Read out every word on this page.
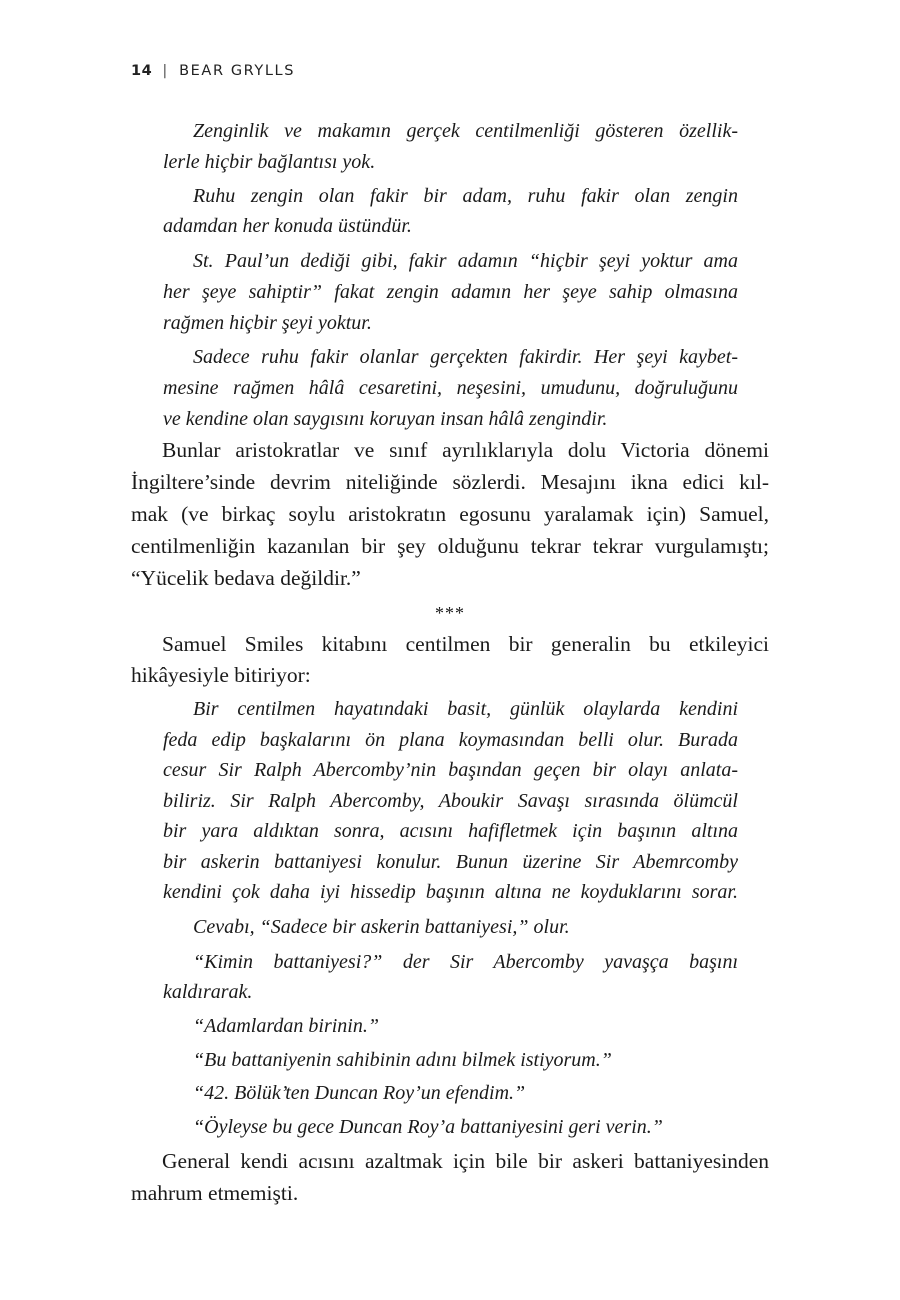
14 | BEAR GRYLLS
Zenginlik ve makamın gerçek centilmenliği gösteren özellik-
lerle hiçbir bağlantısı yok.
Ruhu zengin olan fakir bir adam, ruhu fakir olan zengin
adamdan her konuda üstündür.
St. Paul’un dediği gibi, fakir adamın “hiçbir şeyi yoktur ama
her şeye sahiptir” fakat zengin adamın her şeye sahip olmasına
rağmen hiçbir şeyi yoktur.
Sadece ruhu fakir olanlar gerçekten fakirdir. Her şeyi kaybet-
mesine rağmen hâlâ cesaretini, neşesini, umudunu, doğruluğunu
ve kendine olan saygısını koruyan insan hâlâ zengindir.
Bunlar aristokratlar ve sınıf ayrılıklarıyla dolu Victoria dönemi
İngiltere’sinde devrim niteliğinde sözlerdi. Mesajını ikna edici kıl-
mak (ve birkaç soylu aristokratın egosunu yaralamak için) Samuel,
centilmenliğin kazanılan bir şey olduğunu tekrar tekrar vurgulamıştı;
“Yücelik bedava değildir.”
***
Samuel Smiles kitabını centilmen bir generalin bu etkileyici
hikâyesiyle bitiriyor:
Bir centilmen hayatındaki basit, günlük olaylarda kendini
feda edip başkalarını ön plana koymasından belli olur. Burada
cesur Sir Ralph Abercomby’nin başından geçen bir olayı anlata-
biliriz. Sir Ralph Abercomby, Aboukir Savaşı sırasında ölümcül
bir yara aldıktan sonra, acısını hafifletmek için başının altına
bir askerin battaniyesi konulur. Bunun üzerine Sir Abemrcomby
kendini çok daha iyi hissedip başının altına ne koyduklarını sorar.
Cevabı, “Sadece bir askerin battaniyesi,” olur.
“Kimin battaniyesi?” der Sir Abercomby yavaşça başını
kaldırarak.
“Adamlardan birinin.”
“Bu battaniyenin sahibinin adını bilmek istiyorum.”
“42. Bölük’ten Duncan Roy’un efendim.”
“Öyleyse bu gece Duncan Roy’a battaniyesini geri verin.”
General kendi acısını azaltmak için bile bir askeri battaniyesinden
mahrum etmemişti.
